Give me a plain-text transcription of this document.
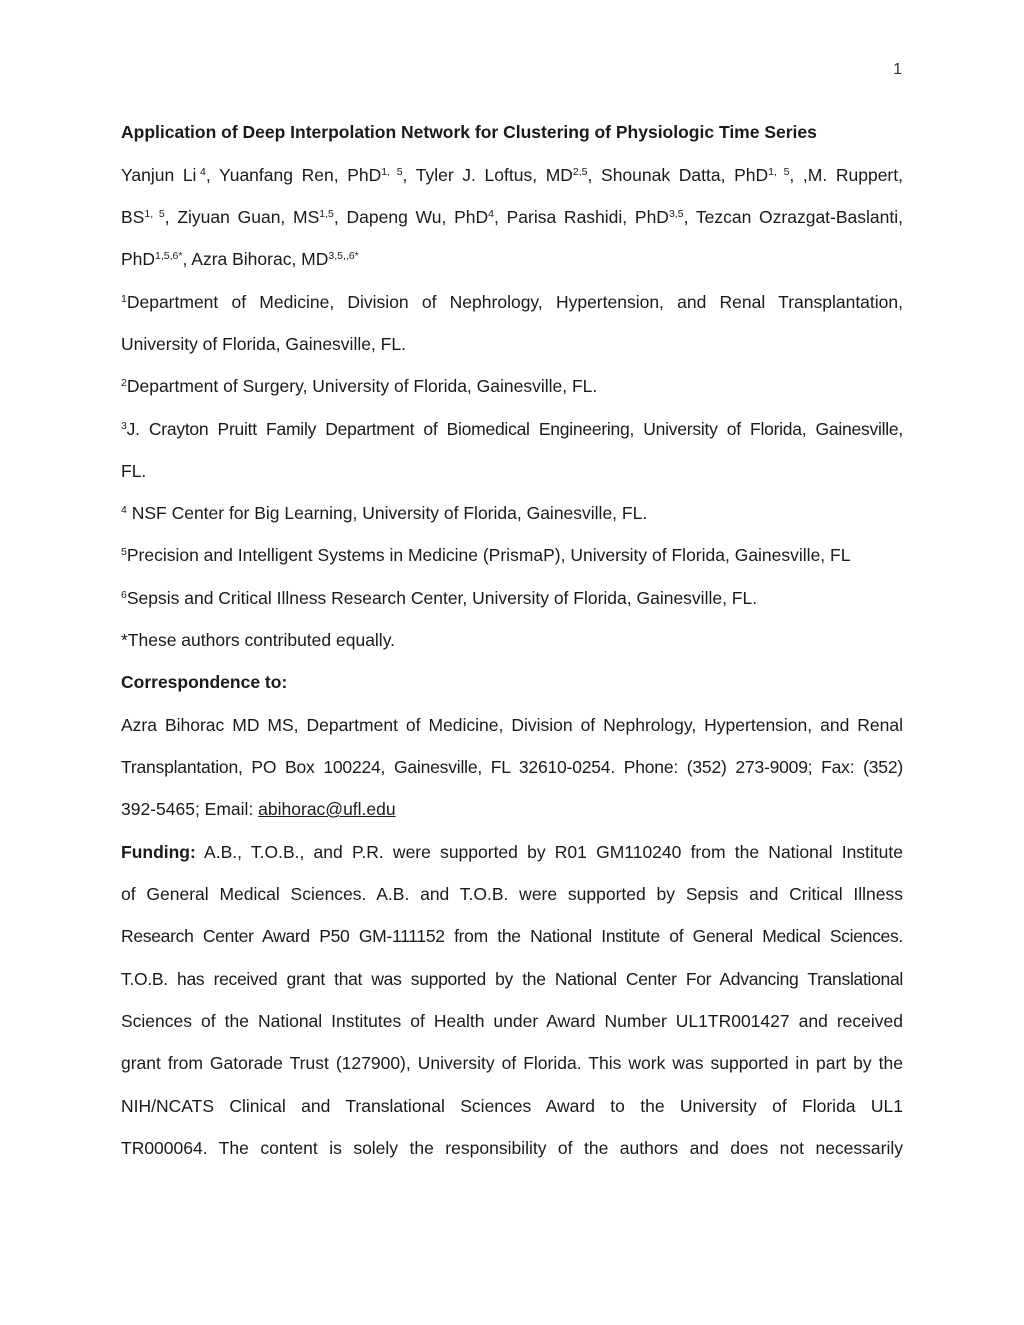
1
Application of Deep Interpolation Network for Clustering of Physiologic Time Series
Yanjun Li  $^4$, Yuanfang Ren, PhD$^{1, 5}$, Tyler J. Loftus, MD$^{2,5}$, Shounak Datta, PhD$^{1, 5}$, ,M. Ruppert,
BS$^{1, 5}$, Ziyuan Guan, MS$^{1,5}$, Dapeng Wu, PhD$^4$, Parisa Rashidi, PhD$^{3,5}$, Tezcan Ozrazgat-Baslanti,
PhD$^{1,5,6*}$, Azra Bihorac, $MD^{3,5,,6*}$
$^1$Department of Medicine, Division of Nephrology, Hypertension, and Renal Transplantation,
University of Florida, Gainesville, FL.
$^2$Department of Surgery, University of Florida, Gainesville, FL.
$^3$J. Crayton Pruitt Family Department of Biomedical Engineering, University of Florida, Gainesville,
FL.
$^4$ NSF Center for Big Learning, University of Florida, Gainesville, FL.
$^5$Precision and Intelligent Systems in Medicine (PrismaP), University of Florida, Gainesville, FL
$^6$Sepsis and Critical Illness Research Center, University of Florida, Gainesville, FL.
*These authors contributed equally.
Correspondence to:
Azra Bihorac MD MS, Department of Medicine, Division of Nephrology, Hypertension, and Renal
Transplantation, PO Box 100224, Gainesville, FL 32610-0254. Phone: (352) 273-9009; Fax: (352)
392-5465; Email: abihorac@ufl.edu
Funding: A.B., T.O.B., and P.R. were supported by R01 GM110240 from the National Institute
of General Medical Sciences. A.B. and T.O.B. were supported by Sepsis and Critical Illness
Research Center Award P50 GM-111152 from the National Institute of General Medical Sciences.
T.O.B. has received grant that was supported by the National Center For Advancing Translational
Sciences of the National Institutes of Health under Award Number UL1TR001427 and received
grant from Gatorade Trust (127900), University of Florida. This work was supported in part by the
NIH/NCATS Clinical and Translational Sciences Award to the University of Florida UL1
TR000064. The content is solely the responsibility of the authors and does not necessarily
